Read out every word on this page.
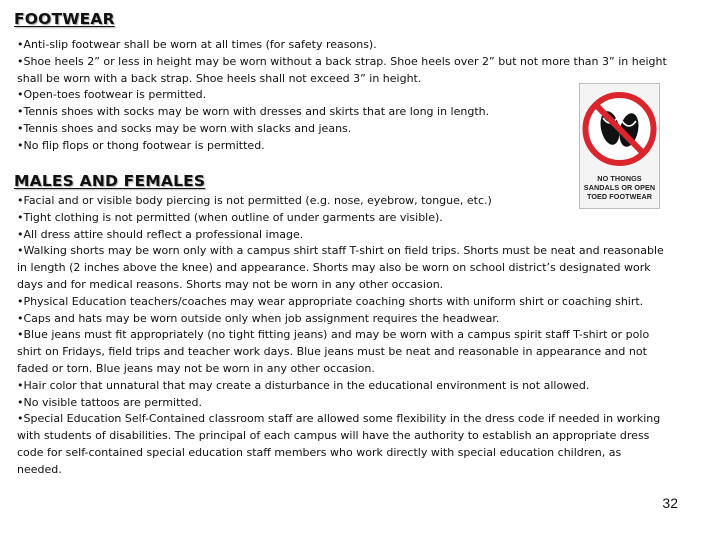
FOOTWEAR
•Anti-slip footwear shall be worn at all times (for safety reasons).
•Shoe heels 2” or less in height may be worn without a back strap. Shoe heels over 2” but not more than 3” in height shall be worn with a back strap. Shoe heels shall not exceed 3” in height.
•Open-toes footwear is permitted.
•Tennis shoes with socks may be worn with dresses and skirts that are long in length.
•Tennis shoes and socks may be worn with slacks and jeans.
•No flip flops or thong footwear is permitted.
NO THONGS
SANDALS OR OPEN
TOED FOOTWEAR
MALES AND FEMALES
•Facial and or visible body piercing is not permitted (e.g. nose, eyebrow, tongue, etc.)
•Tight clothing is not permitted (when outline of under garments are visible).
•All dress attire should reflect a professional image.
•Walking shorts may be worn only with a campus shirt staff T-shirt on field trips. Shorts must be neat and reasonable in length (2 inches above the knee) and appearance. Shorts may also be worn on school district’s designated work days and for medical reasons. Shorts may not be worn in any other occasion.
•Physical Education teachers/coaches may wear appropriate coaching shorts with uniform shirt or coaching shirt.
•Caps and hats may be worn outside only when job assignment requires the headwear.
•Blue jeans must fit appropriately (no tight fitting jeans) and may be worn with a campus spirit staff T-shirt or polo shirt on Fridays, field trips and teacher work days. Blue jeans must be neat and reasonable in appearance and not faded or torn. Blue jeans may not be worn in any other occasion.
•Hair color that unnatural that may create a disturbance in the educational environment is not allowed.
•No visible tattoos are permitted.
•Special Education Self-Contained classroom staff are allowed some flexibility in the dress code if needed in working with students of disabilities. The principal of each campus will have the authority to establish an appropriate dress code for self-contained special education staff members who work directly with special education children, as needed.
32
